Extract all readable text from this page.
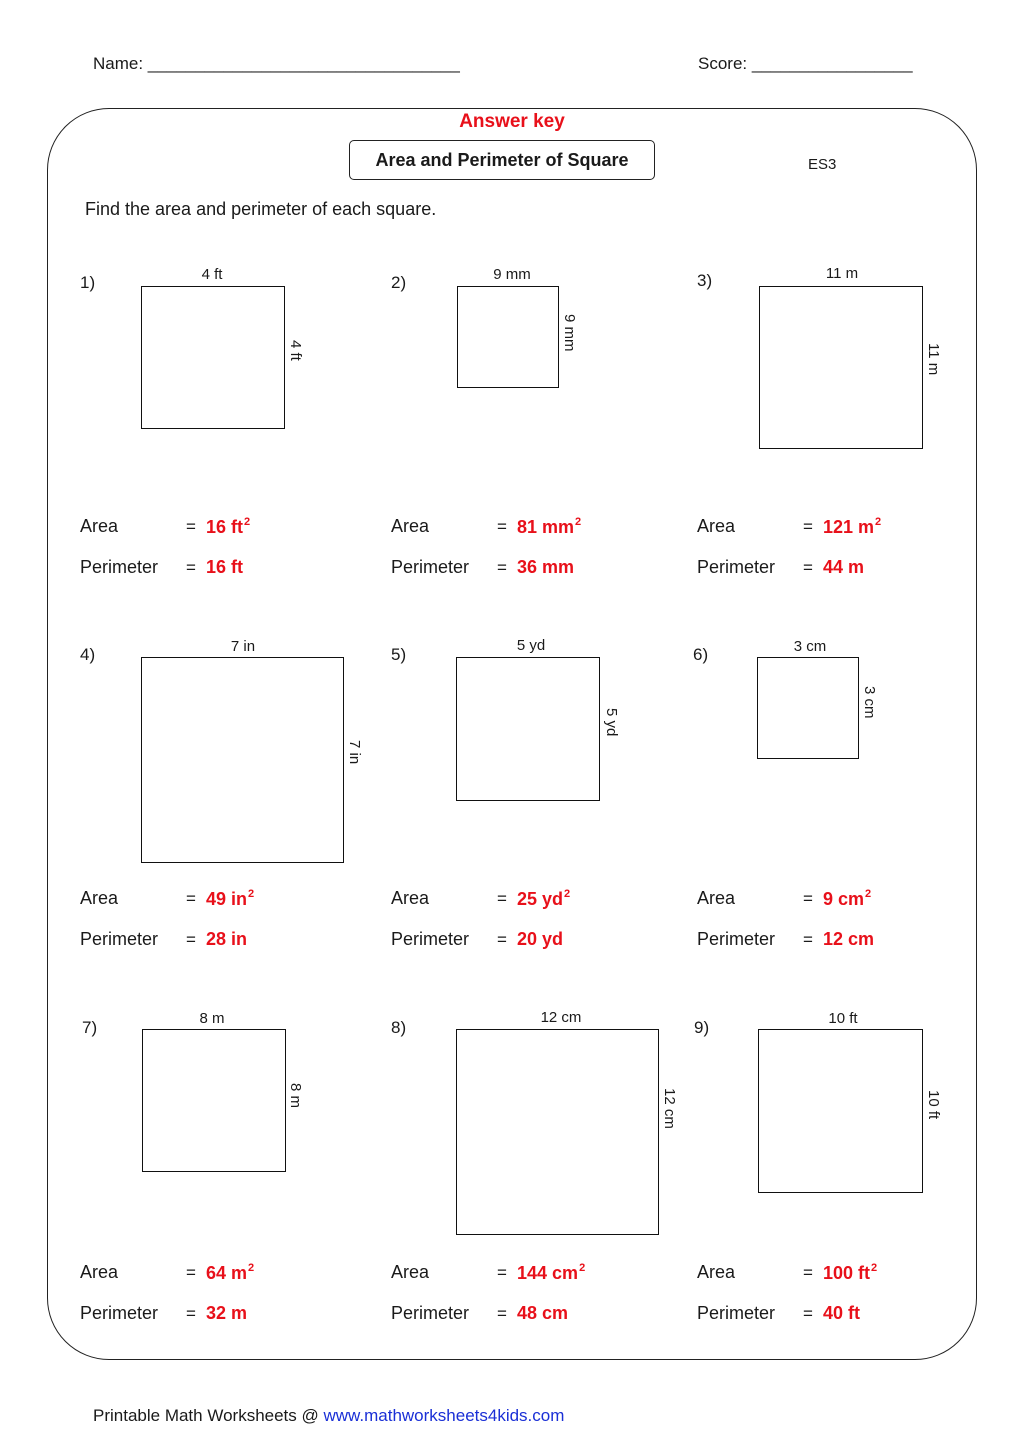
Name: _________________________________	Score: _________________
Answer key
Area and Perimeter of Square	ES3
Find the area and perimeter of each square.
1)	4 ft
4 ft
2)	9 mm
9 mm
3)	11 m
11 m
Area	= 16 $ft^2$
Perimeter = 16 ft
Area	= 81 $mm^2$
Perimeter = 36 mm
Area	= 121 $m^2$
Perimeter = 44 m
4)	7 in
7 in
5)	5 yd
5 yd
6)	3 cm
3 cm
Area	= 49 $in^2$
Perimeter = 28 in
Area	= 25 $yd^2$
Perimeter = 20 yd
Area	= 9 $cm^2$
Perimeter = 12 cm
7)	8 m
8 m
8)
12 cm
12 cm
9)	10 ft
10 ft
Area	= 64 $m^2$
Perimeter = 32 m
Area	= 144 $cm^2$
Perimeter = 48 cm
Area	= 100 $ft^2$
Perimeter = 40 ft
Printable Math Worksheets @ www.mathworksheets4kids.com
